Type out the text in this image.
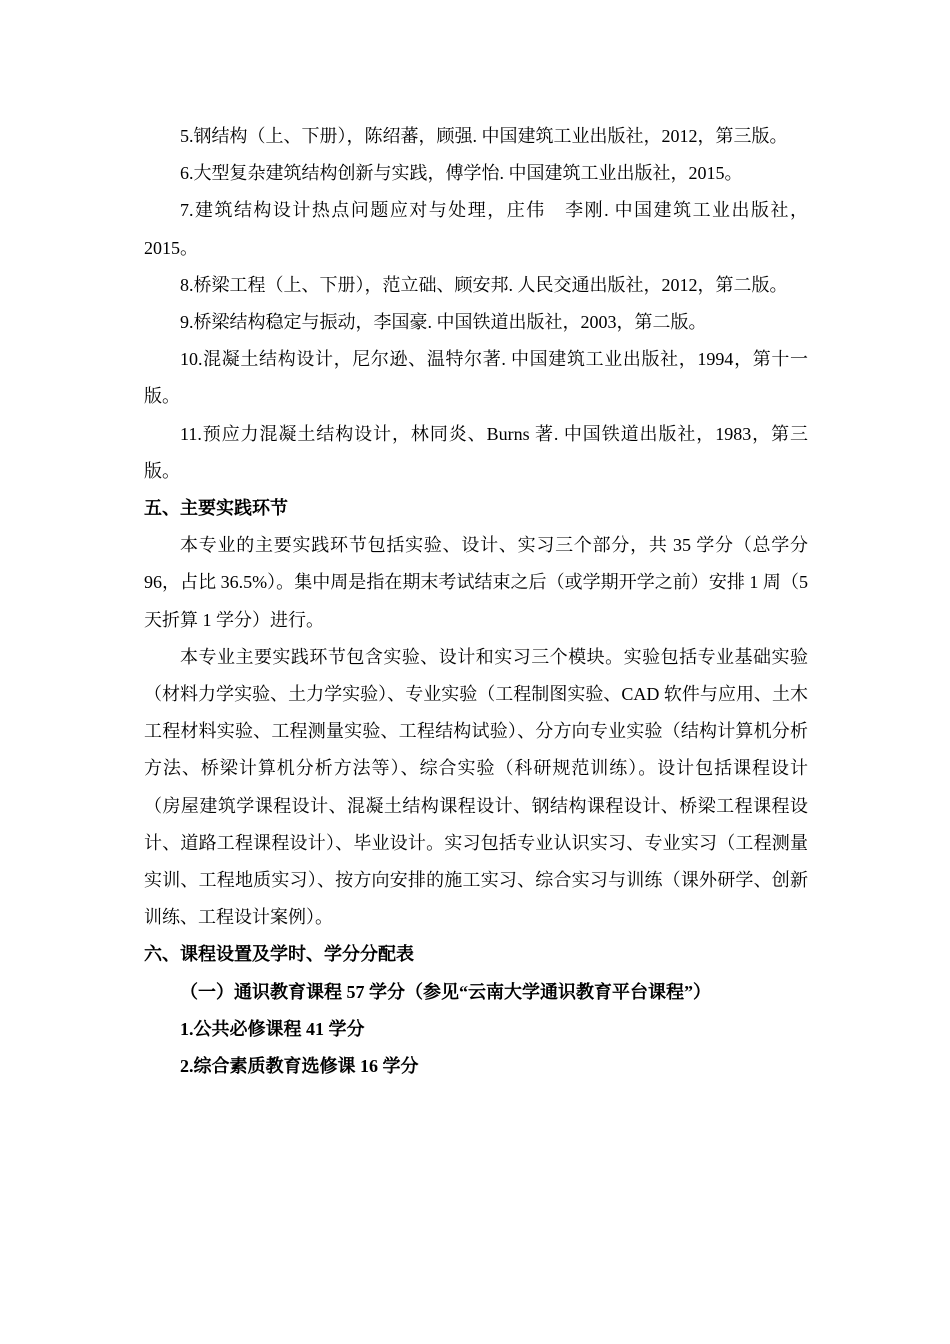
5.钢结构（上、下册），陈绍蕃，顾强. 中国建筑工业出版社，2012，第三版。

6.大型复杂建筑结构创新与实践，傅学怡. 中国建筑工业出版社，2015。

7.建筑结构设计热点问题应对与处理，庄伟　李刚. 中国建筑工业出版社，2015。

8.桥梁工程（上、下册），范立础、顾安邦. 人民交通出版社，2012，第二版。

9.桥梁结构稳定与振动，李国豪. 中国铁道出版社，2003，第二版。

10.混凝土结构设计，尼尔逊、温特尔著. 中国建筑工业出版社，1994，第十一版。

11.预应力混凝土结构设计，林同炎、Burns 著. 中国铁道出版社，1983，第三版。

五、主要实践环节

本专业的主要实践环节包括实验、设计、实习三个部分，共 35 学分（总学分 96，占比 36.5%）。集中周是指在期末考试结束之后（或学期开学之前）安排 1 周（5 天折算 1 学分）进行。

本专业主要实践环节包含实验、设计和实习三个模块。实验包括专业基础实验（材料力学实验、土力学实验）、专业实验（工程制图实验、CAD 软件与应用、土木工程材料实验、工程测量实验、工程结构试验）、分方向专业实验（结构计算机分析方法、桥梁计算机分析方法等）、综合实验（科研规范训练）。设计包括课程设计（房屋建筑学课程设计、混凝土结构课程设计、钢结构课程设计、桥梁工程课程设计、道路工程课程设计）、毕业设计。实习包括专业认识实习、专业实习（工程测量实训、工程地质实习）、按方向安排的施工实习、综合实习与训练（课外研学、创新训练、工程设计案例）。

六、课程设置及学时、学分分配表

（一）通识教育课程 57 学分（参见“云南大学通识教育平台课程”）

1.公共必修课程 41 学分

2.综合素质教育选修课 16 学分
